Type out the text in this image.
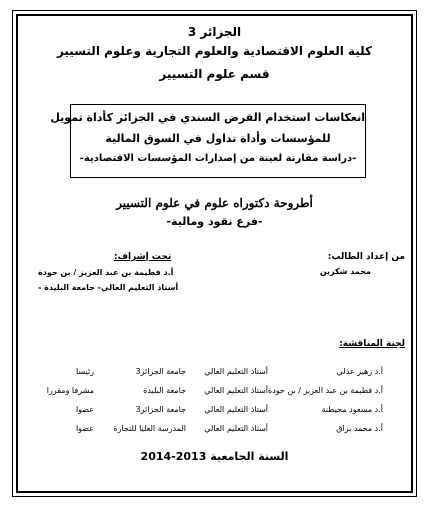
الجزائر 3
كلية العلوم الاقتصادية والعلوم التجارية وعلوم التسيير
قسم علوم التسيير
انعكاسات استخدام القرض السندي في الجزائر كأداة تمويل
للمؤسسات وأداة تداول في السوق المالية
-دراسة مقارنة لعينة من إصدارات المؤسسات الاقتصادية-
أطروحة دكتوراه علوم في علوم التسيير
-فرع نقود ومالية-
من إعداد الطالب:
محمد شكرين
تحت إشراف:
أ.د فطيمة بن عبد العزيز / بن حودة
أستاذ التعليم العالي- جامعة البليدة -
لجنة المناقشة:
أ.د زهير عدلي	أستاذ التعليم العالي	جامعة الجزائر3	رئيسا
أ.د فطيمة بن عبد العزيز / بن حودة	أستاذ التعليم العالي	جامعة البليدة	مشرفا ومقررا
أ.د مسعود مجيطنة	أستاذ التعليم العالي	جامعة الجزائر3	عضوا
أ.د محمد براق	أستاذ التعليم العالي	المدرسة العليا للتجارة	عضوا
السنة الجامعية 2013-2014
